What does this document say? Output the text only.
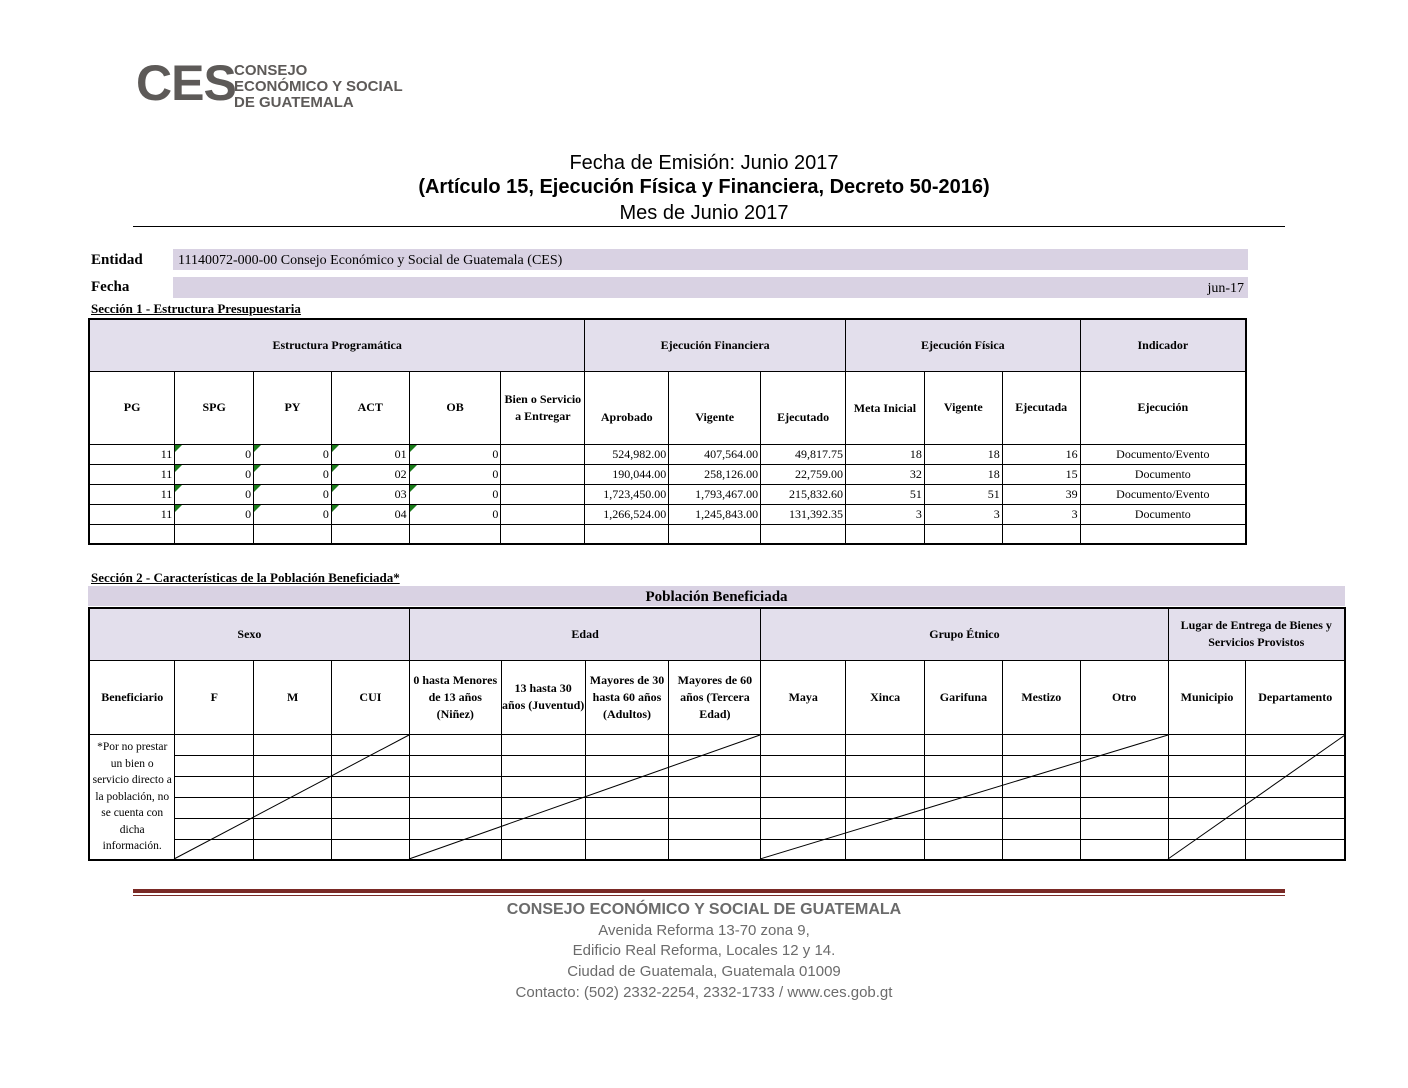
CES
CONSEJO
ECONÓMICO Y SOCIAL
DE GUATEMALA
Fecha de Emisión: Junio 2017
(Artículo 15, Ejecución Física y Financiera, Decreto 50-2016)
Mes de Junio 2017
Entidad	11140072-000-00 Consejo Económico y Social de Guatemala (CES)
Fecha	jun-17
Sección 1 - Estructura Presupuestaria
Estructura Programática						Ejecución Financiera			Ejecución Física			Indicador
PG	SPG	PY	ACT	OB	Bien o Servicio a Entregar	Aprobado	Vigente	Ejecutado	Meta Inicial	Vigente	Ejecutada	Ejecución
11	0	0	01	0		524,982.00	407,564.00	49,817.75	18	18	16	Documento/Evento
11	0	0	02	0		190,044.00	258,126.00	22,759.00	32	18	15	Documento
11	0	0	03	0		1,723,450.00	1,793,467.00	215,832.60	51	51	39	Documento/Evento
11	0	0	04	0		1,266,524.00	1,245,843.00	131,392.35	3	3	3	Documento

Sección 2 - Características de la Población Beneficiada*
Población Beneficiada
Sexo				Edad				Grupo Étnico					Lugar de Entrega de Bienes y Servicios Provistos	
Beneficiario	F	M	CUI	0 hasta Menores de 13 años (Niñez)	13 hasta 30 años (Juventud)	Mayores de 30 hasta 60 años (Adultos)	Mayores de 60 años (Tercera Edad)	Maya	Xinca	Garifuna	Mestizo	Otro	Municipio	Departamento
*Por no prestar un bien o servicio directo a la población, no se cuenta con dicha información.														

CONSEJO ECONÓMICO Y SOCIAL DE GUATEMALA
Avenida Reforma 13-70 zona 9,
Edificio Real Reforma, Locales 12 y 14.
Ciudad de Guatemala, Guatemala 01009
Contacto: (502) 2332-2254, 2332-1733 / www.ces.gob.gt
